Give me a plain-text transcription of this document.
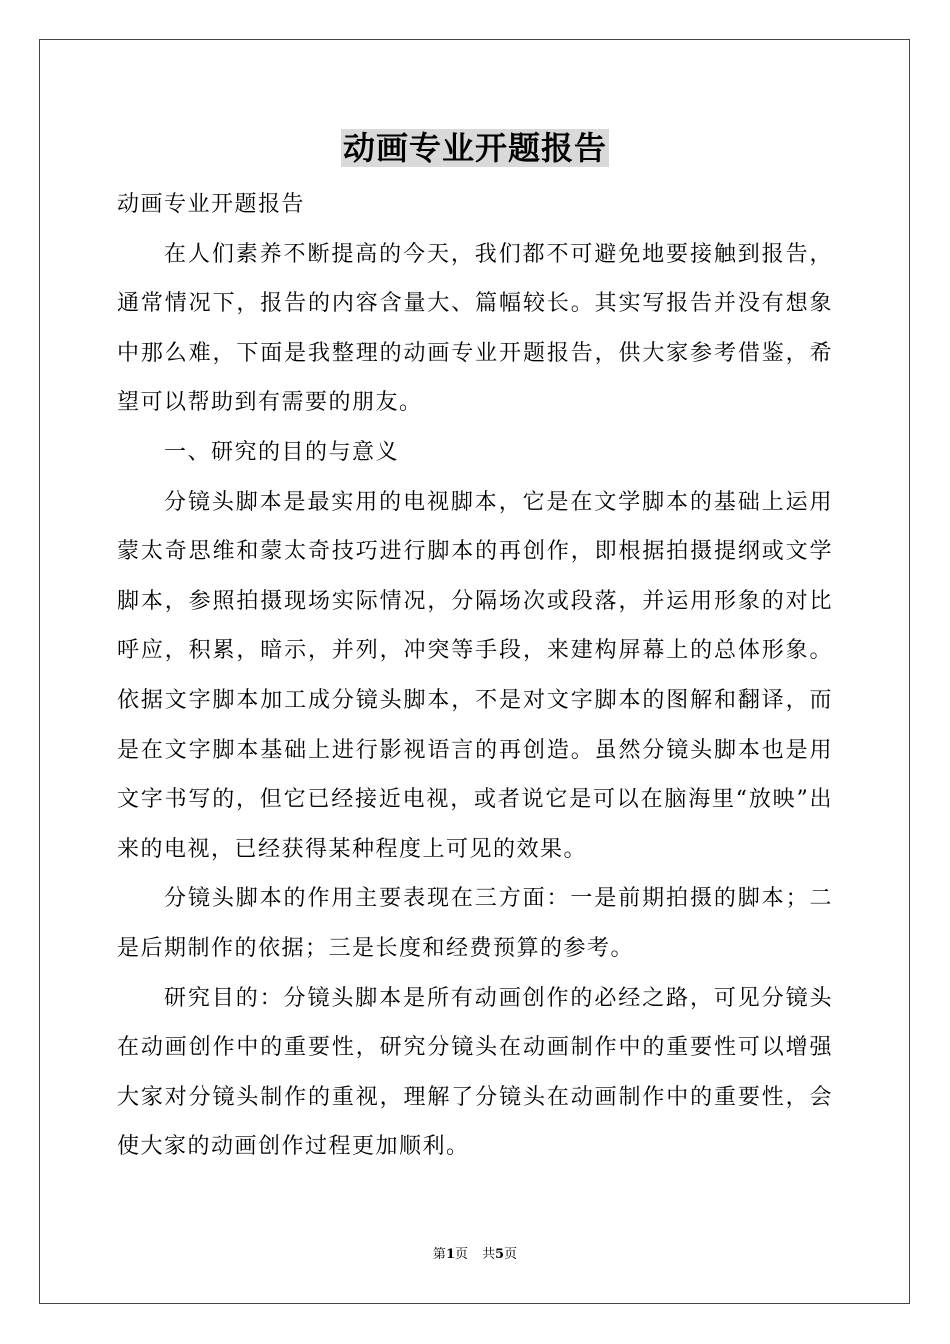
动画专业开题报告

动画专业开题报告

在人们素养不断提高的今天，我们都不可避免地要接触到报告，通常情况下，报告的内容含量大、篇幅较长。其实写报告并没有想象中那么难，下面是我整理的动画专业开题报告，供大家参考借鉴，希望可以帮助到有需要的朋友。

一、研究的目的与意义

分镜头脚本是最实用的电视脚本，它是在文学脚本的基础上运用蒙太奇思维和蒙太奇技巧进行脚本的再创作，即根据拍摄提纲或文学脚本，参照拍摄现场实际情况，分隔场次或段落，并运用形象的对比呼应，积累，暗示，并列，冲突等手段，来建构屏幕上的总体形象。依据文字脚本加工成分镜头脚本，不是对文字脚本的图解和翻译，而是在文字脚本基础上进行影视语言的再创造。虽然分镜头脚本也是用文字书写的，但它已经接近电视，或者说它是可以在脑海里“放映”出来的电视，已经获得某种程度上可见的效果。

分镜头脚本的作用主要表现在三方面：一是前期拍摄的脚本；二是后期制作的依据；三是长度和经费预算的参考。

研究目的：分镜头脚本是所有动画创作的必经之路，可见分镜头在动画创作中的重要性，研究分镜头在动画制作中的重要性可以增强大家对分镜头制作的重视，理解了分镜头在动画制作中的重要性，会使大家的动画创作过程更加顺利。

第1页 共5页
